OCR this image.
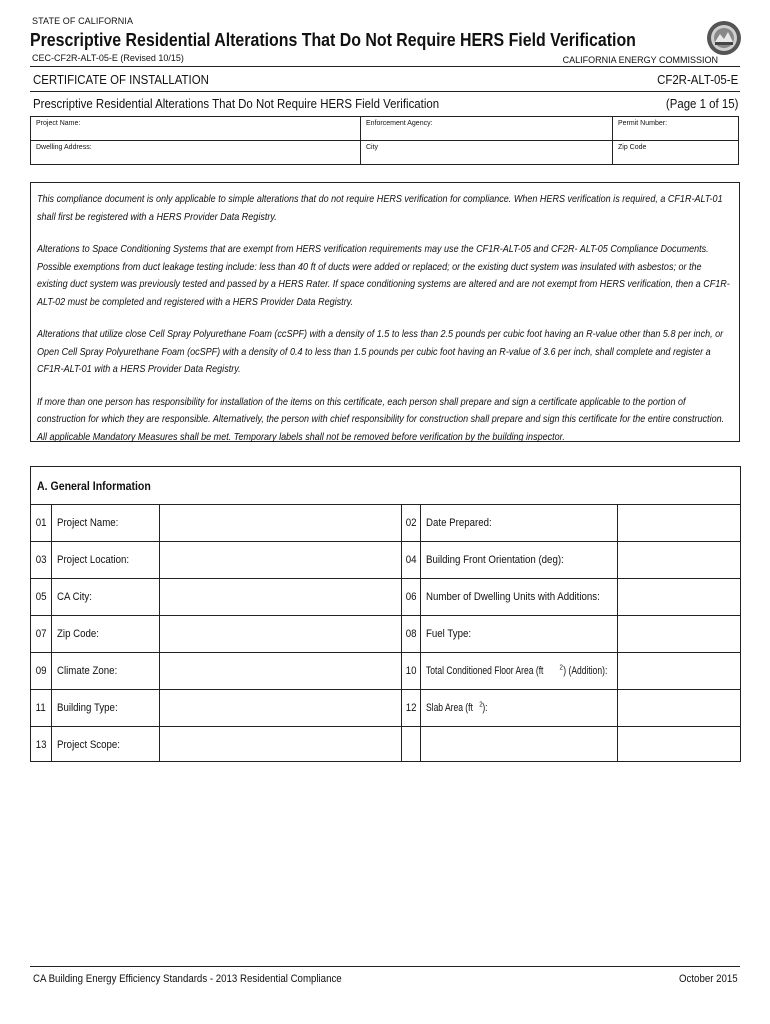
STATE OF CALIFORNIA
Prescriptive Residential Alterations That Do Not Require HERS Field Verification
CEC-CF2R-ALT-05-E (Revised 10/15)	CALIFORNIA ENERGY COMMISSION
CERTIFICATE OF INSTALLATION	CF2R-ALT-05-E
Prescriptive Residential Alterations That Do Not Require HERS Field Verification	(Page 1 of 15)
Project Name:	Enforcement Agency:	Permit Number:
Dwelling Address:	City	Zip Code

This compliance document is only applicable to simple alterations that do not require HERS verification for compliance. When HERS verification is required, a CF1R-ALT-01 shall first be registered with a HERS Provider Data Registry.

Alterations to Space Conditioning Systems that are exempt from HERS verification requirements may use the CF1R-ALT-05 and CF2R- ALT-05 Compliance Documents. Possible exemptions from duct leakage testing include: less than 40 ft of ducts were added or replaced; or the existing duct system was insulated with asbestos; or the existing duct system was previously tested and passed by a HERS Rater. If space conditioning systems are altered and are not exempt from HERS verification, then a CF1R-ALT-02 must be completed and registered with a HERS Provider Data Registry.

Alterations that utilize close Cell Spray Polyurethane Foam (ccSPF) with a density of 1.5 to less than 2.5 pounds per cubic foot having an R-value other than 5.8 per inch, or Open Cell Spray Polyurethane Foam (ocSPF) with a density of 0.4 to less than 1.5 pounds per cubic foot having an R-value of 3.6 per inch, shall complete and register a CF1R-ALT-01 with a HERS Provider Data Registry.

If more than one person has responsibility for installation of the items on this certificate, each person shall prepare and sign a certificate applicable to the portion of construction for which they are responsible. Alternatively, the person with chief responsibility for construction shall prepare and sign this certificate for the entire construction. All applicable Mandatory Measures shall be met. Temporary labels shall not be removed before verification by the building inspector.

A. General Information
01 Project Name:	02 Date Prepared:
03 Project Location:	04 Building Front Orientation (deg):
05 CA City:	06 Number of Dwelling Units with Additions:
07 Zip Code:	08 Fuel Type:
09 Climate Zone:	10 Total Conditioned Floor Area (ft $^2$) (Addition):
11 Building Type:	12 Slab Area (ft $^2$):
13 Project Scope:
CA Building Energy Efficiency Standards - 2013 Residential Compliance	October 2015
